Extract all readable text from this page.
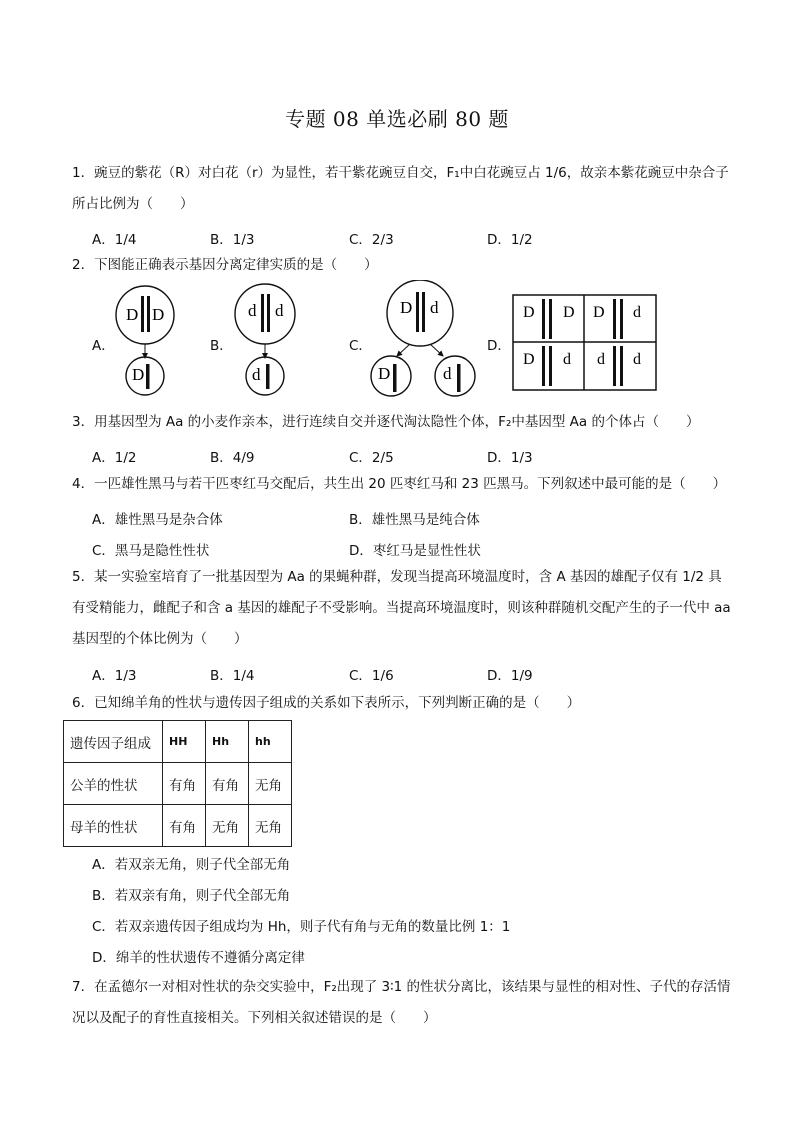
专题 08 单选必刷 80 题
1．豌豆的紫花（R）对白花（r）为显性，若干紫花豌豆自交，F₁中白花豌豆占 1/6，故亲本紫花豌豆中杂合子所占比例为（　　）
A．1/4	B．1/3	C．2/3	D．1/2
2．下图能正确表示基因分离定律实质的是（　　）
A．	B．	C．	D．
D D
D
d d
d
D d
D	d
D D D d
D d d d
3．用基因型为 Aa 的小麦作亲本，进行连续自交并逐代淘汰隐性个体，F₂中基因型 Aa 的个体占（　　）
A．1/2	B．4/9	C．2/5	D．1/3
4．一匹雄性黑马与若干匹枣红马交配后，共生出 20 匹枣红马和 23 匹黑马。下列叙述中最可能的是（　　）
A．雄性黑马是杂合体	B．雄性黑马是纯合体
C．黑马是隐性性状	D．枣红马是显性性状
5．某一实验室培育了一批基因型为 Aa 的果蝇种群，发现当提高环境温度时，含 A 基因的雄配子仅有 1/2 具有受精能力，雌配子和含 a 基因的雄配子不受影响。当提高环境温度时，则该种群随机交配产生的子一代中 aa 基因型的个体比例为（　　）
A．1/3	B．1/4	C．1/6	D．1/9
6．已知绵羊角的性状与遗传因子组成的关系如下表所示，下列判断正确的是（　　）
遗传因子组成	HH	Hh	hh
公羊的性状	有角	有角	无角
母羊的性状	有角	无角	无角
A．若双亲无角，则子代全部无角
B．若双亲有角，则子代全部无角
C．若双亲遗传因子组成均为 Hh，则子代有角与无角的数量比例 1：1
D．绵羊的性状遗传不遵循分离定律
7．在孟德尔一对相对性状的杂交实验中，F₂出现了 3∶1 的性状分离比，该结果与显性的相对性、子代的存活情况以及配子的育性直接相关。下列相关叙述错误的是（　　）
